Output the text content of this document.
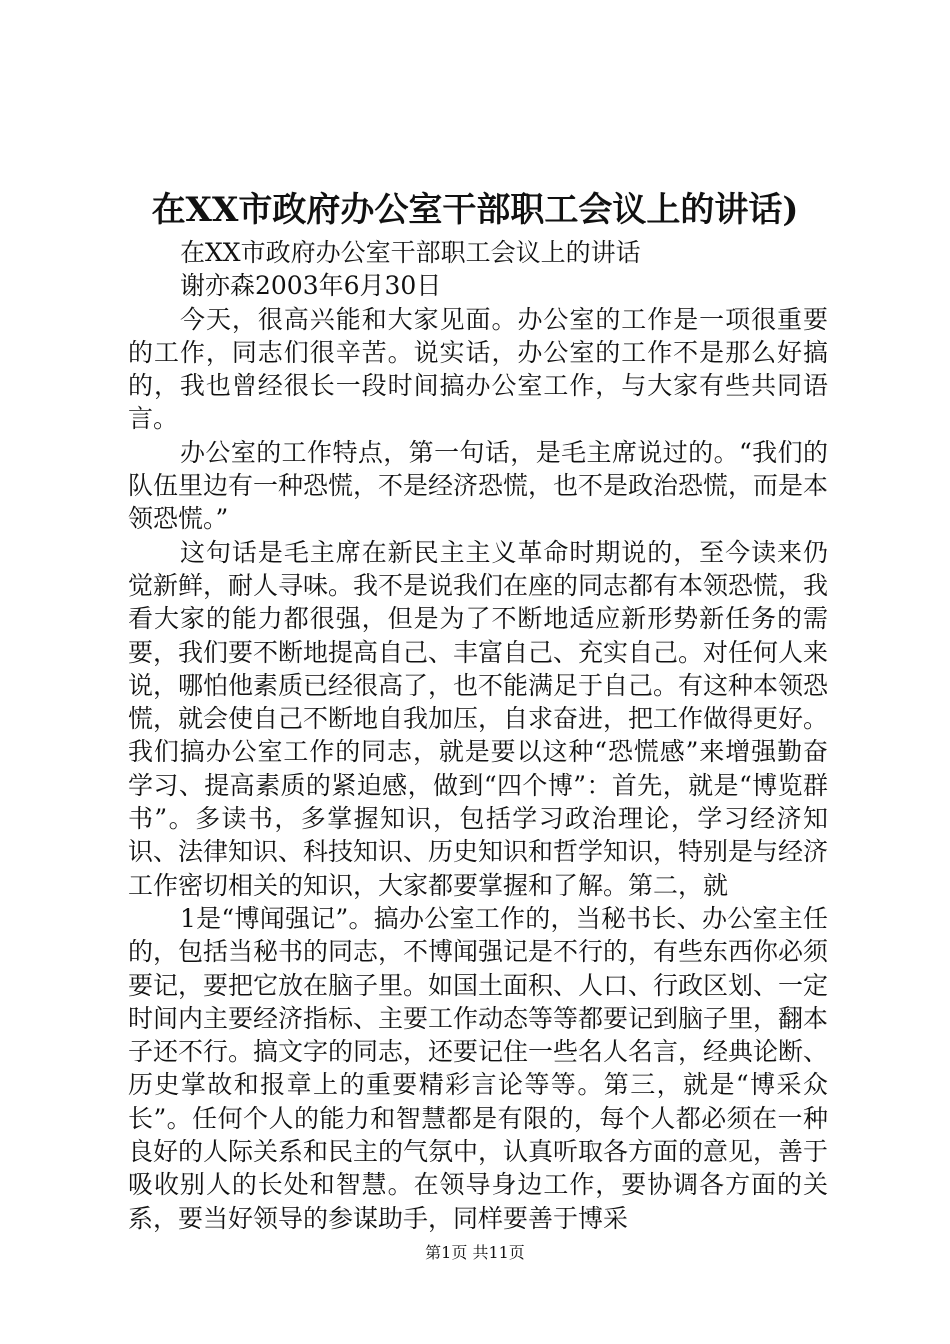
在XX市政府办公室干部职工会议上的讲话)

在XX市政府办公室干部职工会议上的讲话

谢亦森2003年6月30日

今天，很高兴能和大家见面。办公室的工作是一项很重要的工作，同志们很辛苦。说实话，办公室的工作不是那么好搞的，我也曾经很长一段时间搞办公室工作，与大家有些共同语言。

办公室的工作特点，第一句话，是毛主席说过的。“我们的队伍里边有一种恐慌，不是经济恐慌，也不是政治恐慌，而是本领恐慌。”

这句话是毛主席在新民主主义革命时期说的，至今读来仍觉新鲜，耐人寻味。我不是说我们在座的同志都有本领恐慌，我看大家的能力都很强，但是为了不断地适应新形势新任务的需要，我们要不断地提高自己、丰富自己、充实自己。对任何人来说，哪怕他素质已经很高了，也不能满足于自己。有这种本领恐慌，就会使自己不断地自我加压，自求奋进，把工作做得更好。我们搞办公室工作的同志，就是要以这种“恐慌感”来增强勤奋学习、提高素质的紧迫感，做到“四个博”：首先，就是“博览群书”。多读书，多掌握知识，包括学习政治理论，学习经济知识、法律知识、科技知识、历史知识和哲学知识，特别是与经济工作密切相关的知识，大家都要掌握和了解。第二，就

1是“博闻强记”。搞办公室工作的，当秘书长、办公室主任的，包括当秘书的同志，不博闻强记是不行的，有些东西你必须要记，要把它放在脑子里。如国土面积、人口、行政区划、一定时间内主要经济指标、主要工作动态等等都要记到脑子里，翻本子还不行。搞文字的同志，还要记住一些名人名言，经典论断、历史掌故和报章上的重要精彩言论等等。第三，就是“博采众长”。任何个人的能力和智慧都是有限的，每个人都必须在一种良好的人际关系和民主的气氛中，认真听取各方面的意见，善于吸收别人的长处和智慧。在领导身边工作，要协调各方面的关系，要当好领导的参谋助手，同样要善于博采

第1页 共11页
